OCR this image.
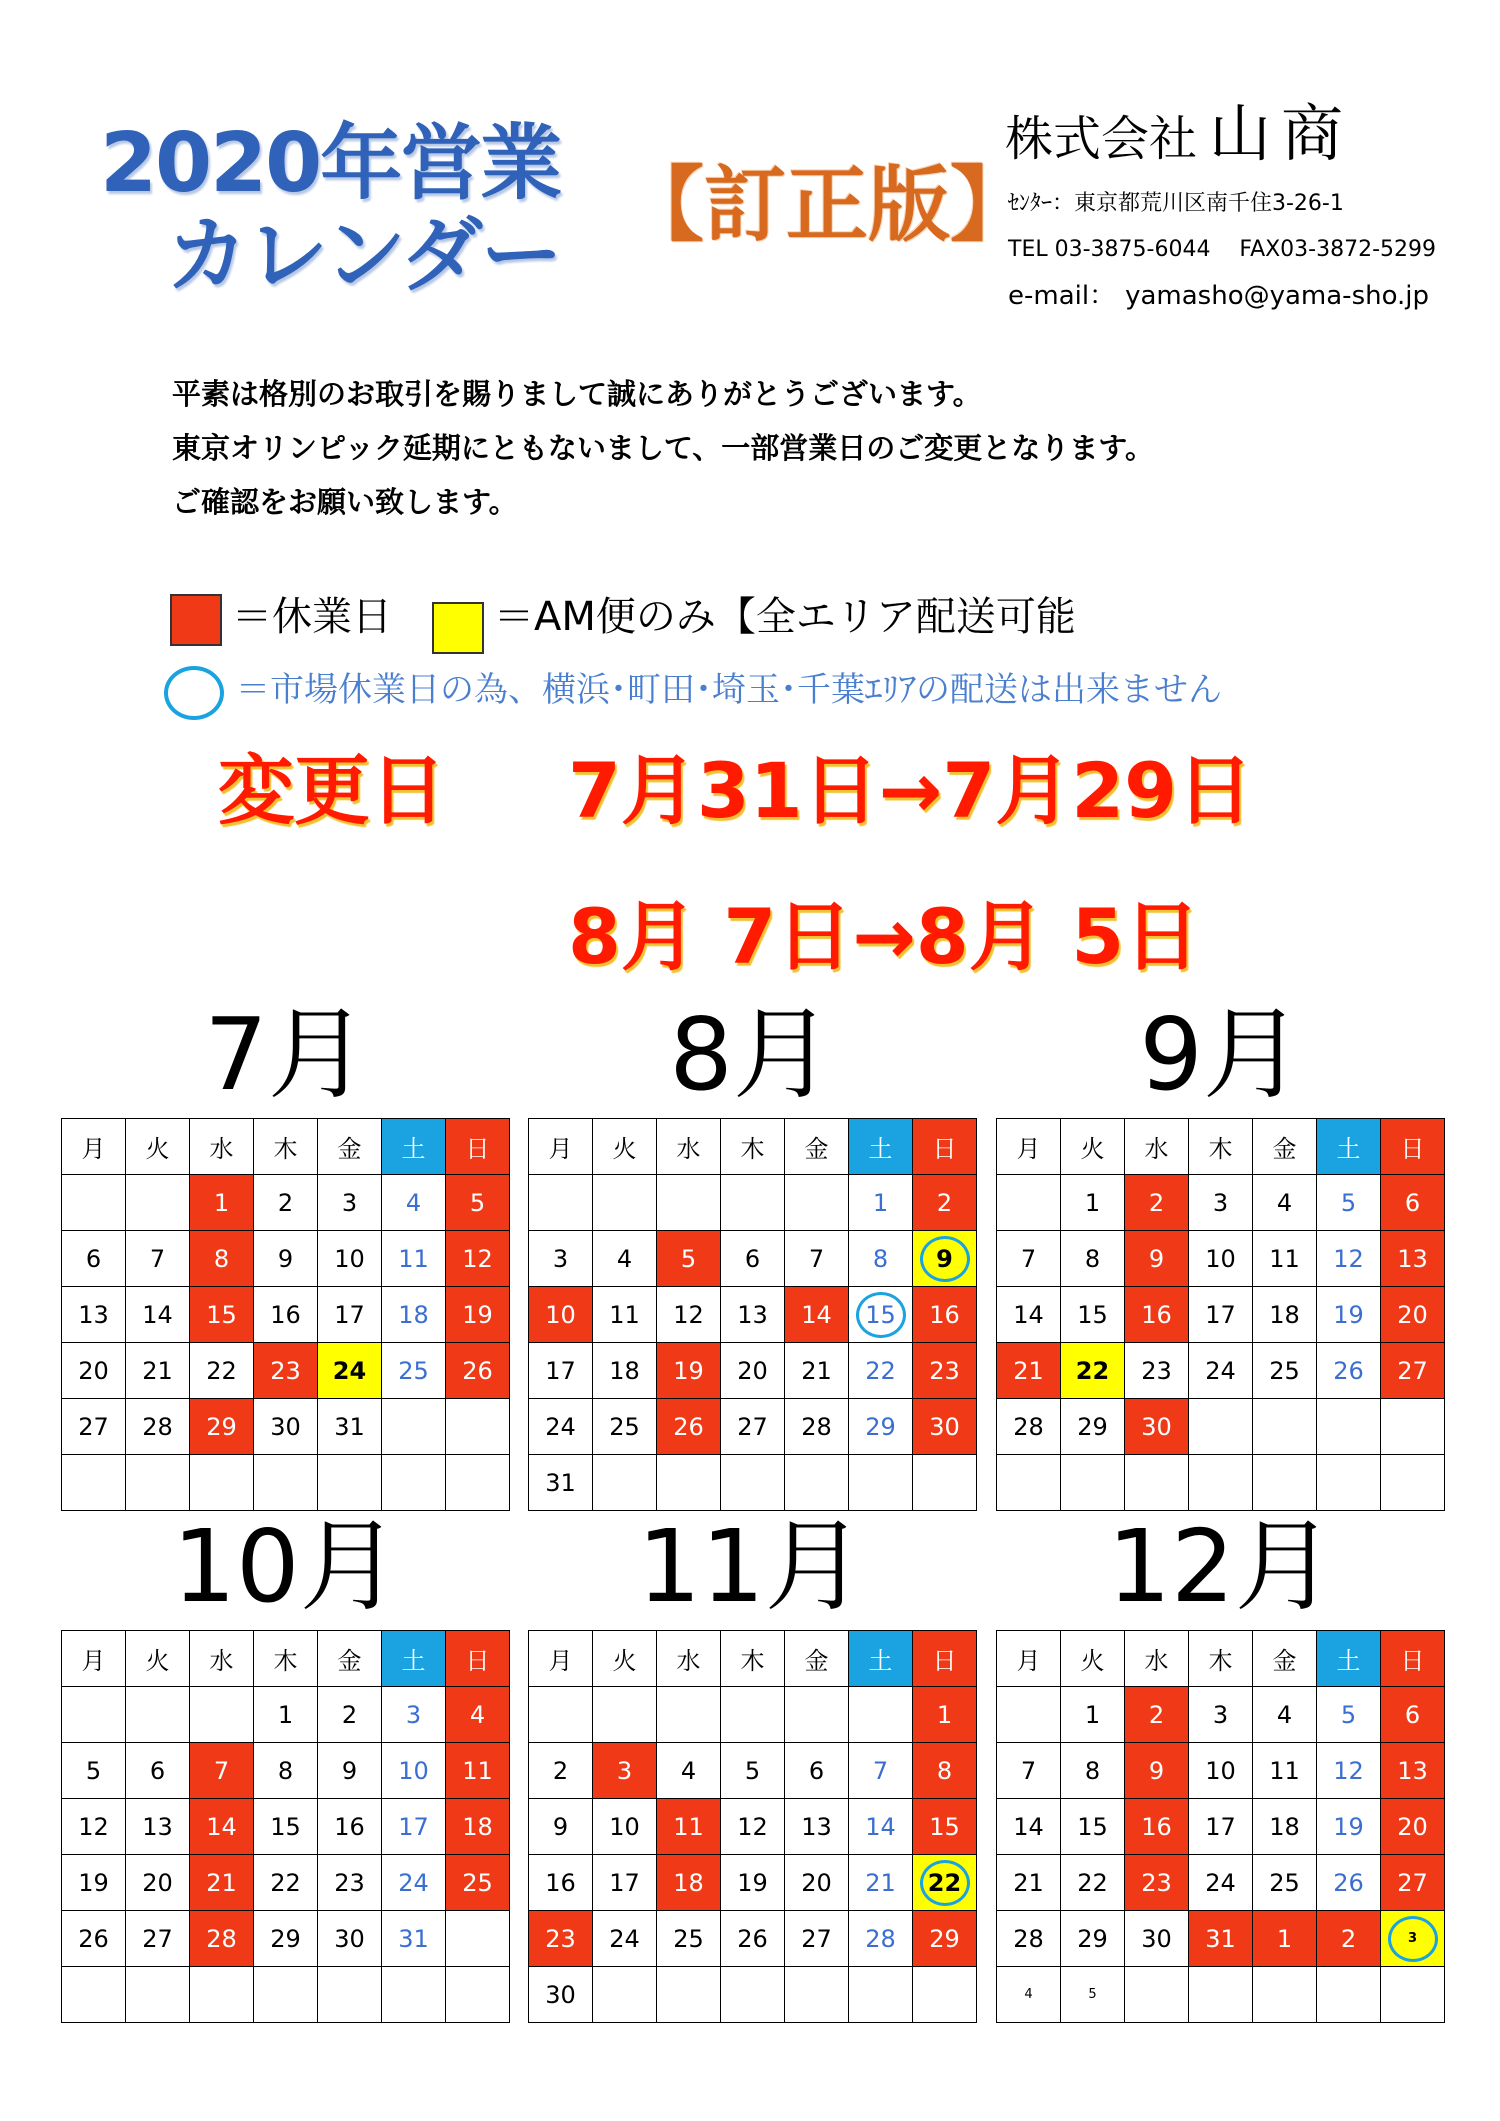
2020年営業
カレンダー
【訂正版】
株式会社 山商
ｾﾝﾀｰ：東京都荒川区南千住3-26-1
TEL 03-3875-6044　 FAX03-3872-5299
e-mail： yamasho@yama-sho.jp
平素は格別のお取引を賜りまして誠にありがとうございます。
東京オリンピック延期にともないまして、一部営業日のご変更となります。
ご確認をお願い致します。
＝休業日	＝AM便のみ【全エリア配送可能
＝市場休業日の為、横浜･町田･埼玉･千葉ｴﾘｱの配送は出来ません
変更日 7月31日→7月29日
8月 7日→8月 5日
7月	8月	9月
10月	11月	12月
月	火	水	木	金	土	日
		1	2	3	4	5
6	7	8	9	10	11	12
13	14	15	16	17	18	19
20	21	22	23	24	25	26
27	28	29	30	31		

月	火	水	木	金	土	日
					1	2
3	4	5	6	7	8	9
10	11	12	13	14	15	16
17	18	19	20	21	22	23
24	25	26	27	28	29	30
31						
月	火	水	木	金	土	日
	1	2	3	4	5	6
7	8	9	10	11	12	13
14	15	16	17	18	19	20
21	22	23	24	25	26	27
28	29	30				

月	火	水	木	金	土	日
			1	2	3	4
5	6	7	8	9	10	11
12	13	14	15	16	17	18
19	20	21	22	23	24	25
26	27	28	29	30	31	

月	火	水	木	金	土	日
						1
2	3	4	5	6	7	8
9	10	11	12	13	14	15
16	17	18	19	20	21	22
23	24	25	26	27	28	29
30						
月	火	水	木	金	土	日
	1	2	3	4	5	6
7	8	9	10	11	12	13
14	15	16	17	18	19	20
21	22	23	24	25	26	27
28	29	30	31	1	2	3
4	5					
